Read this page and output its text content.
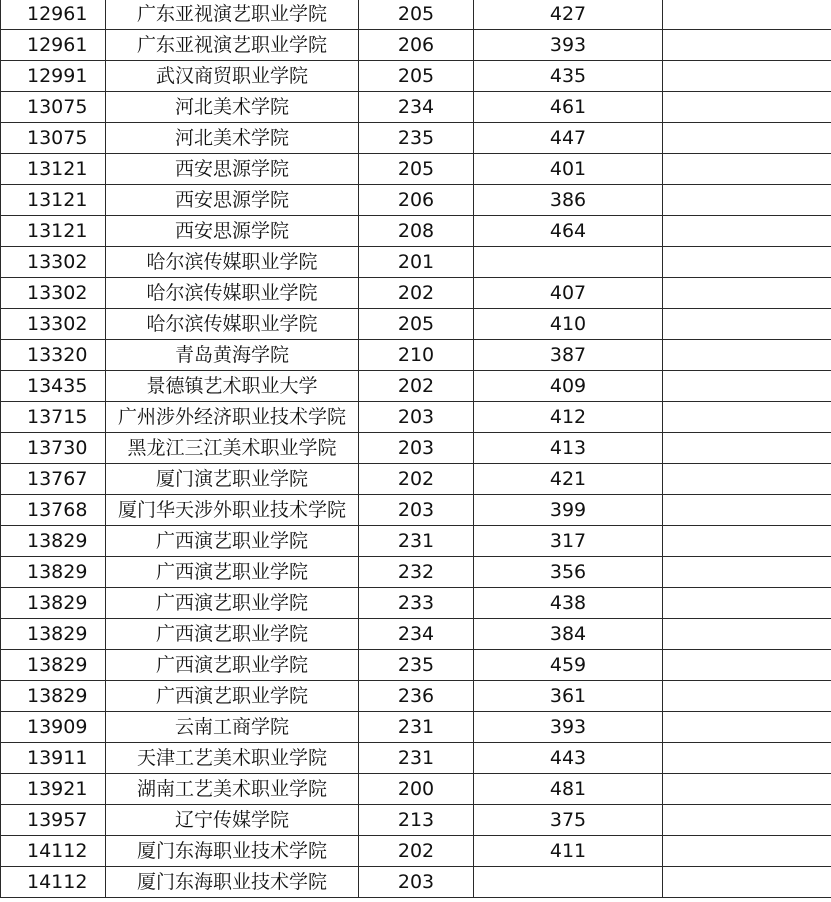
12961	广东亚视演艺职业学院	205	427	
12961	广东亚视演艺职业学院	206	393	
12991	武汉商贸职业学院	205	435	
13075	河北美术学院	234	461	
13075	河北美术学院	235	447	
13121	西安思源学院	205	401	
13121	西安思源学院	206	386	
13121	西安思源学院	208	464	
13302	哈尔滨传媒职业学院	201		
13302	哈尔滨传媒职业学院	202	407	
13302	哈尔滨传媒职业学院	205	410	
13320	青岛黄海学院	210	387	
13435	景德镇艺术职业大学	202	409	
13715	广州涉外经济职业技术学院	203	412	
13730	黑龙江三江美术职业学院	203	413	
13767	厦门演艺职业学院	202	421	
13768	厦门华天涉外职业技术学院	203	399	
13829	广西演艺职业学院	231	317	
13829	广西演艺职业学院	232	356	
13829	广西演艺职业学院	233	438	
13829	广西演艺职业学院	234	384	
13829	广西演艺职业学院	235	459	
13829	广西演艺职业学院	236	361	
13909	云南工商学院	231	393	
13911	天津工艺美术职业学院	231	443	
13921	湖南工艺美术职业学院	200	481	
13957	辽宁传媒学院	213	375	
14112	厦门东海职业技术学院	202	411	
14112	厦门东海职业技术学院	203		
